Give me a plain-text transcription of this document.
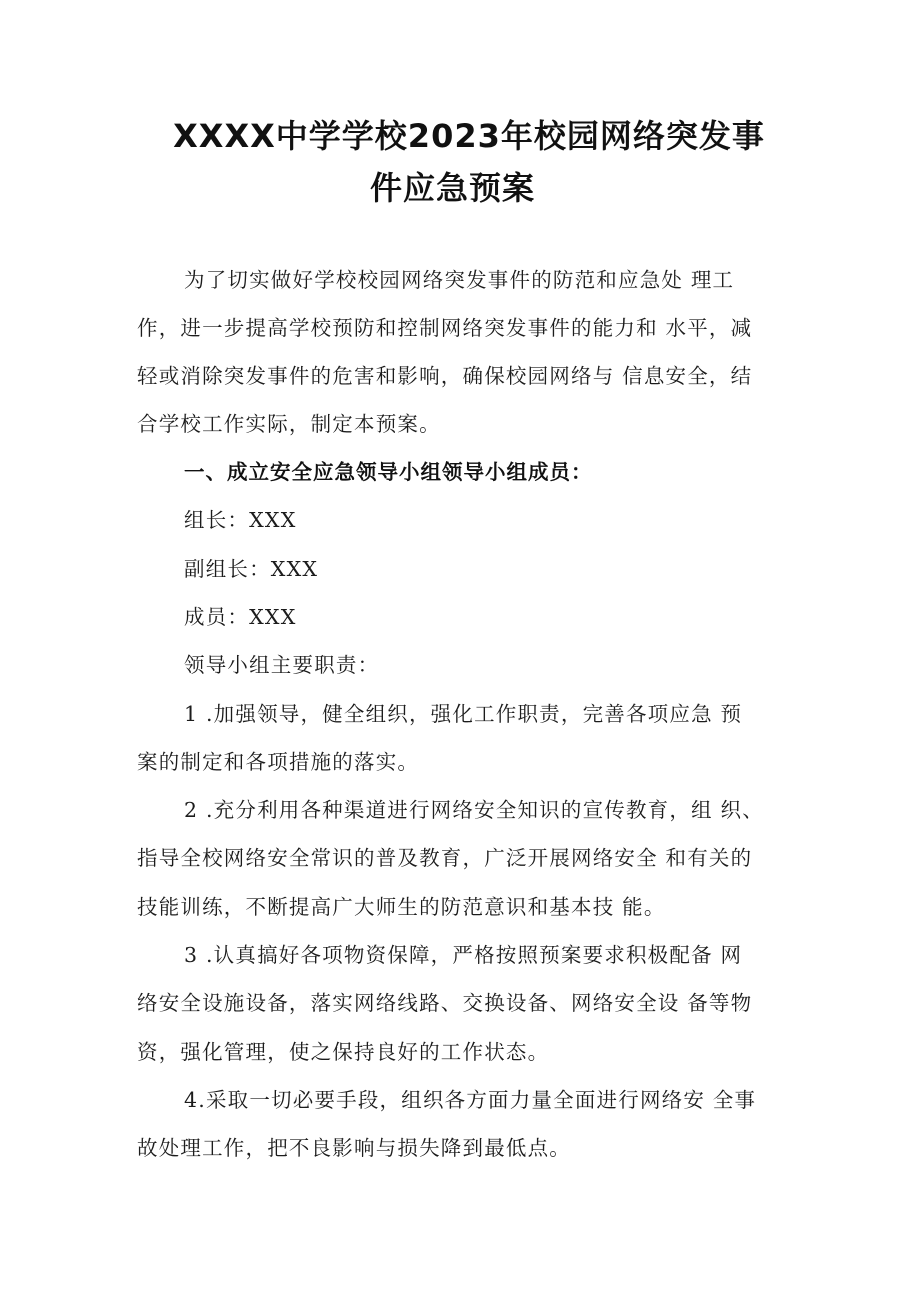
XXXX中学学校2023年校园网络突发事
件应急预案
为了切实做好学校校园网络突发事件的防范和应急处 理工
作，进一步提高学校预防和控制网络突发事件的能力和 水平，减
轻或消除突发事件的危害和影响，确保校园网络与 信息安全，结
合学校工作实际，制定本预案。
一、成立安全应急领导小组领导小组成员：
组长：XXX
副组长：XXX
成员：XXX
领导小组主要职责：
1 .加强领导，健全组织，强化工作职责，完善各项应急 预
案的制定和各项措施的落实。
2 .充分利用各种渠道进行网络安全知识的宣传教育，组 织、
指导全校网络安全常识的普及教育，广泛开展网络安全 和有关的
技能训练，不断提高广大师生的防范意识和基本技 能。
3 .认真搞好各项物资保障，严格按照预案要求积极配备 网
络安全设施设备，落实网络线路、交换设备、网络安全设 备等物
资，强化管理，使之保持良好的工作状态。
4.采取一切必要手段，组织各方面力量全面进行网络安 全事
故处理工作，把不良影响与损失降到最低点。
